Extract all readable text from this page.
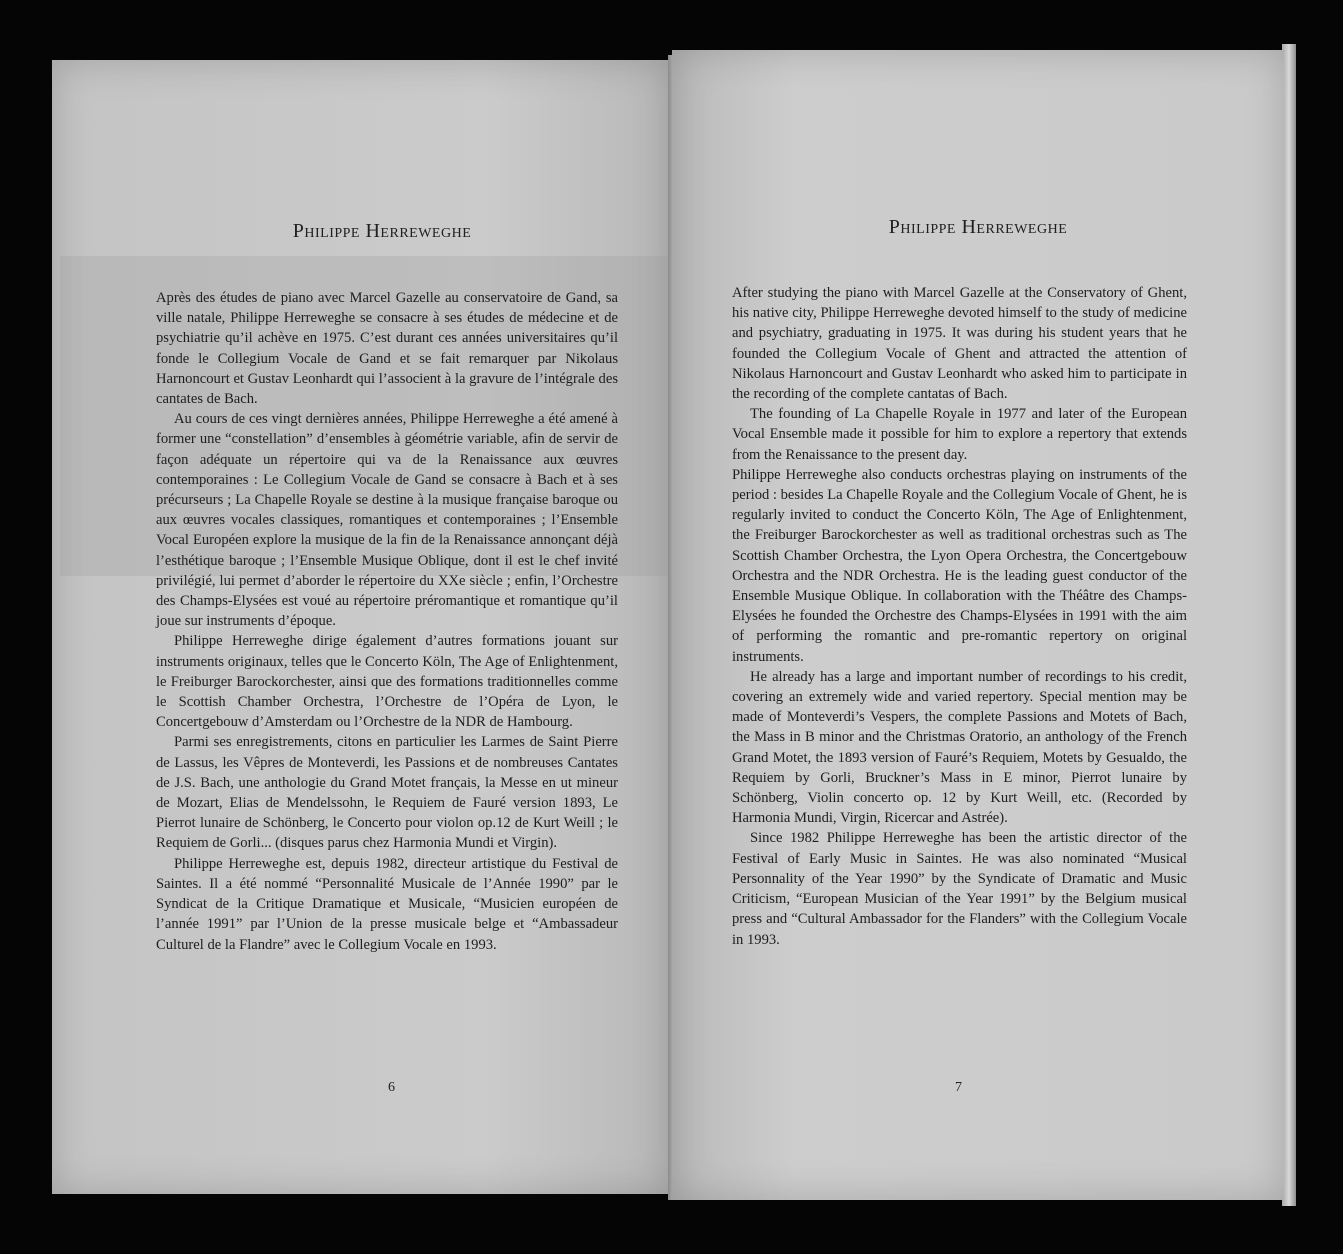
Philippe Herreweghe

Après des études de piano avec Marcel Gazelle au conservatoire de Gand, sa ville natale, Philippe Herreweghe se consacre à ses études de médecine et de psychiatrie qu’il achève en 1975. C’est durant ces années universitaires qu’il fonde le Collegium Vocale de Gand et se fait remarquer par Nikolaus Harnoncourt et Gustav Leonhardt qui l’associent à la gravure de l’intégrale des cantates de Bach.

Au cours de ces vingt dernières années, Philippe Herreweghe a été amené à former une “constellation” d’ensembles à géométrie variable, afin de servir de façon adéquate un répertoire qui va de la Renaissance aux œuvres contemporaines : Le Collegium Vocale de Gand se consacre à Bach et à ses précurseurs ; La Chapelle Royale se destine à la musique française baroque ou aux œuvres vocales classiques, romantiques et contemporaines ; l’Ensemble Vocal Européen explore la musique de la fin de la Renaissance annonçant déjà l’esthétique baroque ; l’Ensemble Musique Oblique, dont il est le chef invité privilégié, lui permet d’aborder le répertoire du XXe siècle ; enfin, l’Orchestre des Champs-Elysées est voué au répertoire préromantique et romantique qu’il joue sur instruments d’époque.

Philippe Herreweghe dirige également d’autres formations jouant sur instruments originaux, telles que le Concerto Köln, The Age of Enlightenment, le Freiburger Barockorchester, ainsi que des formations traditionnelles comme le Scottish Chamber Orchestra, l’Orchestre de l’Opéra de Lyon, le Concertgebouw d’Amsterdam ou l’Orchestre de la NDR de Hambourg.

Parmi ses enregistrements, citons en particulier les Larmes de Saint Pierre de Lassus, les Vêpres de Monteverdi, les Passions et de nombreuses Cantates de J.S. Bach, une anthologie du Grand Motet français, la Messe en ut mineur de Mozart, Elias de Mendelssohn, le Requiem de Fauré version 1893, Le Pierrot lunaire de Schönberg, le Concerto pour violon op.12 de Kurt Weill ; le Requiem de Gorli... (disques parus chez Harmonia Mundi et Virgin).

Philippe Herreweghe est, depuis 1982, directeur artistique du Festival de Saintes. Il a été nommé “Personnalité Musicale de l’Année 1990” par le Syndicat de la Critique Dramatique et Musicale, “Musicien européen de l’année 1991” par l’Union de la presse musicale belge et “Ambassadeur Culturel de la Flandre” avec le Collegium Vocale en 1993.

6
Philippe Herreweghe

After studying the piano with Marcel Gazelle at the Conservatory of Ghent, his native city, Philippe Herreweghe devoted himself to the study of medicine and psychiatry, graduating in 1975. It was during his student years that he founded the Collegium Vocale of Ghent and attracted the attention of Nikolaus Harnoncourt and Gustav Leonhardt who asked him to participate in the recording of the complete cantatas of Bach.

The founding of La Chapelle Royale in 1977 and later of the European Vocal Ensemble made it possible for him to explore a repertory that extends from the Renaissance to the present day.

Philippe Herreweghe also conducts orchestras playing on instruments of the period : besides La Chapelle Royale and the Collegium Vocale of Ghent, he is regularly invited to conduct the Concerto Köln, The Age of Enlightenment, the Freiburger Barockorchester as well as traditional orchestras such as The Scottish Chamber Orchestra, the Lyon Opera Orchestra, the Concertgebouw Orchestra and the NDR Orchestra. He is the leading guest conductor of the Ensemble Musique Oblique. In collaboration with the Théâtre des Champs-Elysées he founded the Orchestre des Champs-Elysées in 1991 with the aim of performing the romantic and pre-romantic repertory on original instruments.

He already has a large and important number of recordings to his credit, covering an extremely wide and varied repertory. Special mention may be made of Monteverdi’s Vespers, the complete Passions and Motets of Bach, the Mass in B minor and the Christmas Oratorio, an anthology of the French Grand Motet, the 1893 version of Fauré’s Requiem, Motets by Gesualdo, the Requiem by Gorli, Bruckner’s Mass in E minor, Pierrot lunaire by Schönberg, Violin concerto op. 12 by Kurt Weill, etc. (Recorded by Harmonia Mundi, Virgin, Ricercar and Astrée).

Since 1982 Philippe Herreweghe has been the artistic director of the Festival of Early Music in Saintes. He was also nominated “Musical Personnality of the Year 1990” by the Syndicate of Dramatic and Music Criticism, “European Musician of the Year 1991” by the Belgium musical press and “Cultural Ambassador for the Flanders” with the Collegium Vocale in 1993.

7
